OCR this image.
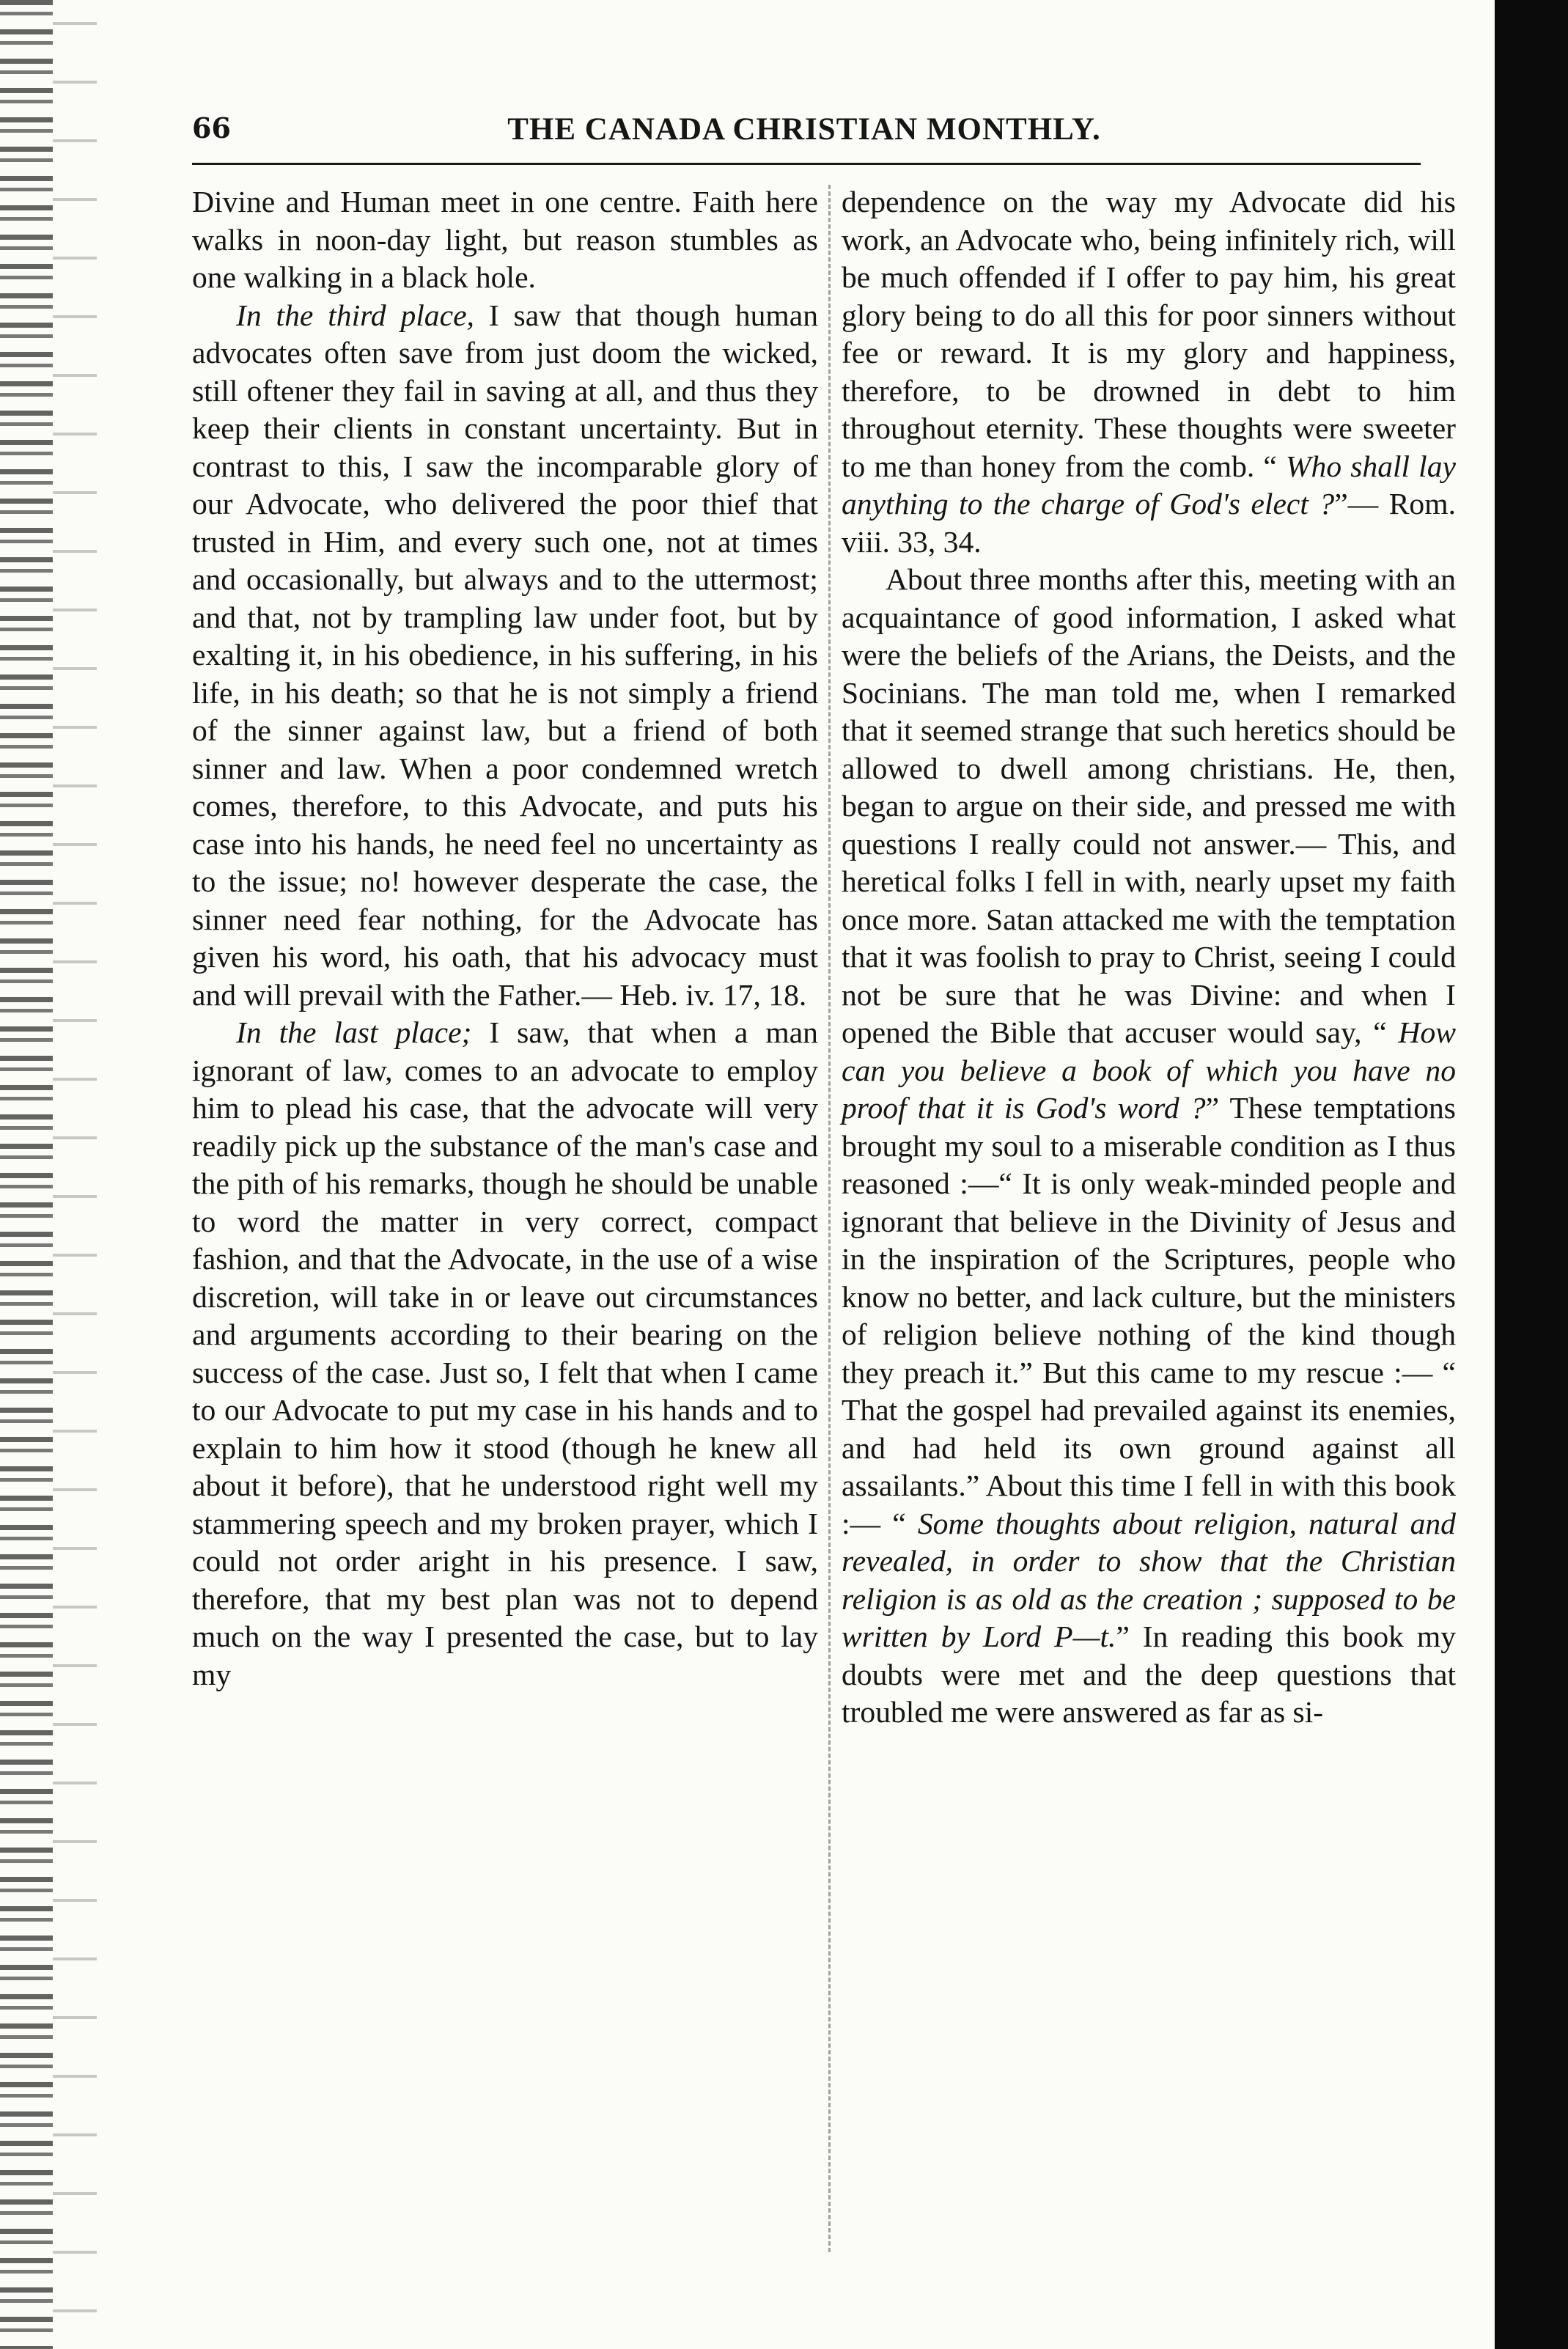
66	THE CANADA CHRISTIAN MONTHLY.

Divine and Human meet in one centre. Faith here walks in noon-day light, but reason stumbles as one walking in a black hole.

In the third place, I saw that though human advocates often save from just doom the wicked, still oftener they fail in saving at all, and thus they keep their clients in constant uncertainty. But in contrast to this, I saw the incomparable glory of our Advocate, who delivered the poor thief that trusted in Him, and every such one, not at times and occasionally, but always and to the uttermost; and that, not by trampling law under foot, but by exalting it, in his obedience, in his suffering, in his life, in his death; so that he is not simply a friend of the sinner against law, but a friend of both sinner and law. When a poor condemned wretch comes, therefore, to this Advocate, and puts his case into his hands, he need feel no uncertainty as to the issue; no! however desperate the case, the sinner need fear nothing, for the Advocate has given his word, his oath, that his advocacy must and will prevail with the Father.— Heb. iv. 17, 18.

In the last place; I saw, that when a man ignorant of law, comes to an advocate to employ him to plead his case, that the advocate will very readily pick up the substance of the man's case and the pith of his remarks, though he should be unable to word the matter in very correct, compact fashion, and that the Advocate, in the use of a wise discretion, will take in or leave out circumstances and arguments according to their bearing on the success of the case. Just so, I felt that when I came to our Advocate to put my case in his hands and to explain to him how it stood (though he knew all about it before), that he understood right well my stammering speech and my broken prayer, which I could not order aright in his presence. I saw, therefore, that my best plan was not to depend much on the way I presented the case, but to lay my

dependence on the way my Advocate did his work, an Advocate who, being infinitely rich, will be much offended if I offer to pay him, his great glory being to do all this for poor sinners without fee or reward. It is my glory and happiness, therefore, to be drowned in debt to him throughout eternity. These thoughts were sweeter to me than honey from the comb. “ Who shall lay anything to the charge of God's elect ?”— Rom. viii. 33, 34.

About three months after this, meeting with an acquaintance of good information, I asked what were the beliefs of the Arians, the Deists, and the Socinians. The man told me, when I remarked that it seemed strange that such heretics should be allowed to dwell among christians. He, then, began to argue on their side, and pressed me with questions I really could not answer.— This, and heretical folks I fell in with, nearly upset my faith once more. Satan attacked me with the temptation that it was foolish to pray to Christ, seeing I could not be sure that he was Divine: and when I opened the Bible that accuser would say, “ How can you believe a book of which you have no proof that it is God's word ?” These temptations brought my soul to a miserable condition as I thus reasoned :—“ It is only weak-minded people and ignorant that believe in the Divinity of Jesus and in the inspiration of the Scriptures, people who know no better, and lack culture, but the ministers of religion believe nothing of the kind though they preach it.” But this came to my rescue :— “ That the gospel had prevailed against its enemies, and had held its own ground against all assailants.” About this time I fell in with this book :— “ Some thoughts about religion, natural and revealed, in order to show that the Christian religion is as old as the creation ; supposed to be written by Lord P—t.” In reading this book my doubts were met and the deep questions that troubled me were answered as far as si-
